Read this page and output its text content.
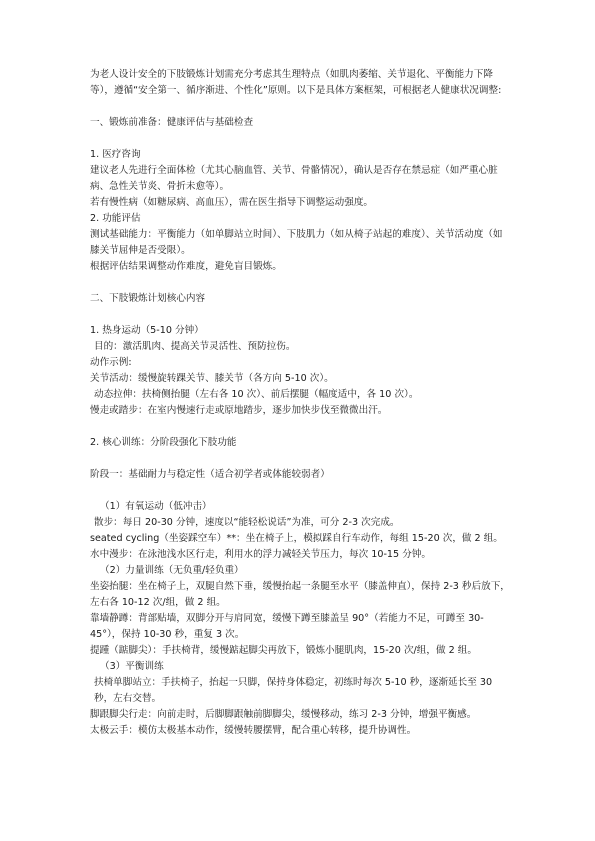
为老人设计安全的下肢锻炼计划需充分考虑其生理特点（如肌肉萎缩、关节退化、平衡能力下降等），遵循“安全第一、循序渐进、个性化”原则。以下是具体方案框架，可根据老人健康状况调整:

一、锻炼前准备：健康评估与基础检查

1. 医疗咨询

建议老人先进行全面体检（尤其心脑血管、关节、骨骼情况），确认是否存在禁忌症（如严重心脏病、急性关节炎、骨折未愈等）。

若有慢性病（如糖尿病、高血压），需在医生指导下调整运动强度。

2. 功能评估

测试基础能力：平衡能力（如单脚站立时间）、下肢肌力（如从椅子站起的难度）、关节活动度（如膝关节屈伸是否受限）。

根据评估结果调整动作难度，避免盲目锻炼。

二、下肢锻炼计划核心内容

1. 热身运动（5-10 分钟）

目的：激活肌肉、提高关节灵活性、预防拉伤。

动作示例:

关节活动：缓慢旋转踝关节、膝关节（各方向 5-10 次）。

动态拉伸：扶椅侧抬腿（左右各 10 次）、前后摆腿（幅度适中，各 10 次）。

慢走或踏步：在室内慢速行走或原地踏步，逐步加快步伐至微微出汗。

2. 核心训练：分阶段强化下肢功能

阶段一：基础耐力与稳定性（适合初学者或体能较弱者）

（1）有氧运动（低冲击）

散步：每日 20-30 分钟，速度以“能轻松说话”为准，可分 2-3 次完成。

seated cycling（坐姿踩空车）**：坐在椅子上，模拟踩自行车动作，每组 15-20 次，做 2 组。

水中漫步：在泳池浅水区行走，利用水的浮力减轻关节压力，每次 10-15 分钟。

（2）力量训练（无负重/轻负重）

坐姿抬腿：坐在椅子上，双腿自然下垂，缓慢抬起一条腿至水平（膝盖伸直），保持 2-3 秒后放下，左右各 10-12 次/组，做 2 组。

靠墙静蹲：背部贴墙，双脚分开与肩同宽，缓慢下蹲至膝盖呈 90°（若能力不足，可蹲至 30-45°），保持 10-30 秒，重复 3 次。

提踵（踮脚尖）：手扶椅背，缓慢踮起脚尖再放下，锻炼小腿肌肉，15-20 次/组，做 2 组。

（3）平衡训练

扶椅单脚站立：手扶椅子，抬起一只脚，保持身体稳定，初练时每次 5-10 秒，逐渐延长至 30 秒，左右交替。

脚跟脚尖行走：向前走时，后脚脚跟触前脚脚尖，缓慢移动，练习 2-3 分钟，增强平衡感。

太极云手：模仿太极基本动作，缓慢转腰摆臂，配合重心转移，提升协调性。
